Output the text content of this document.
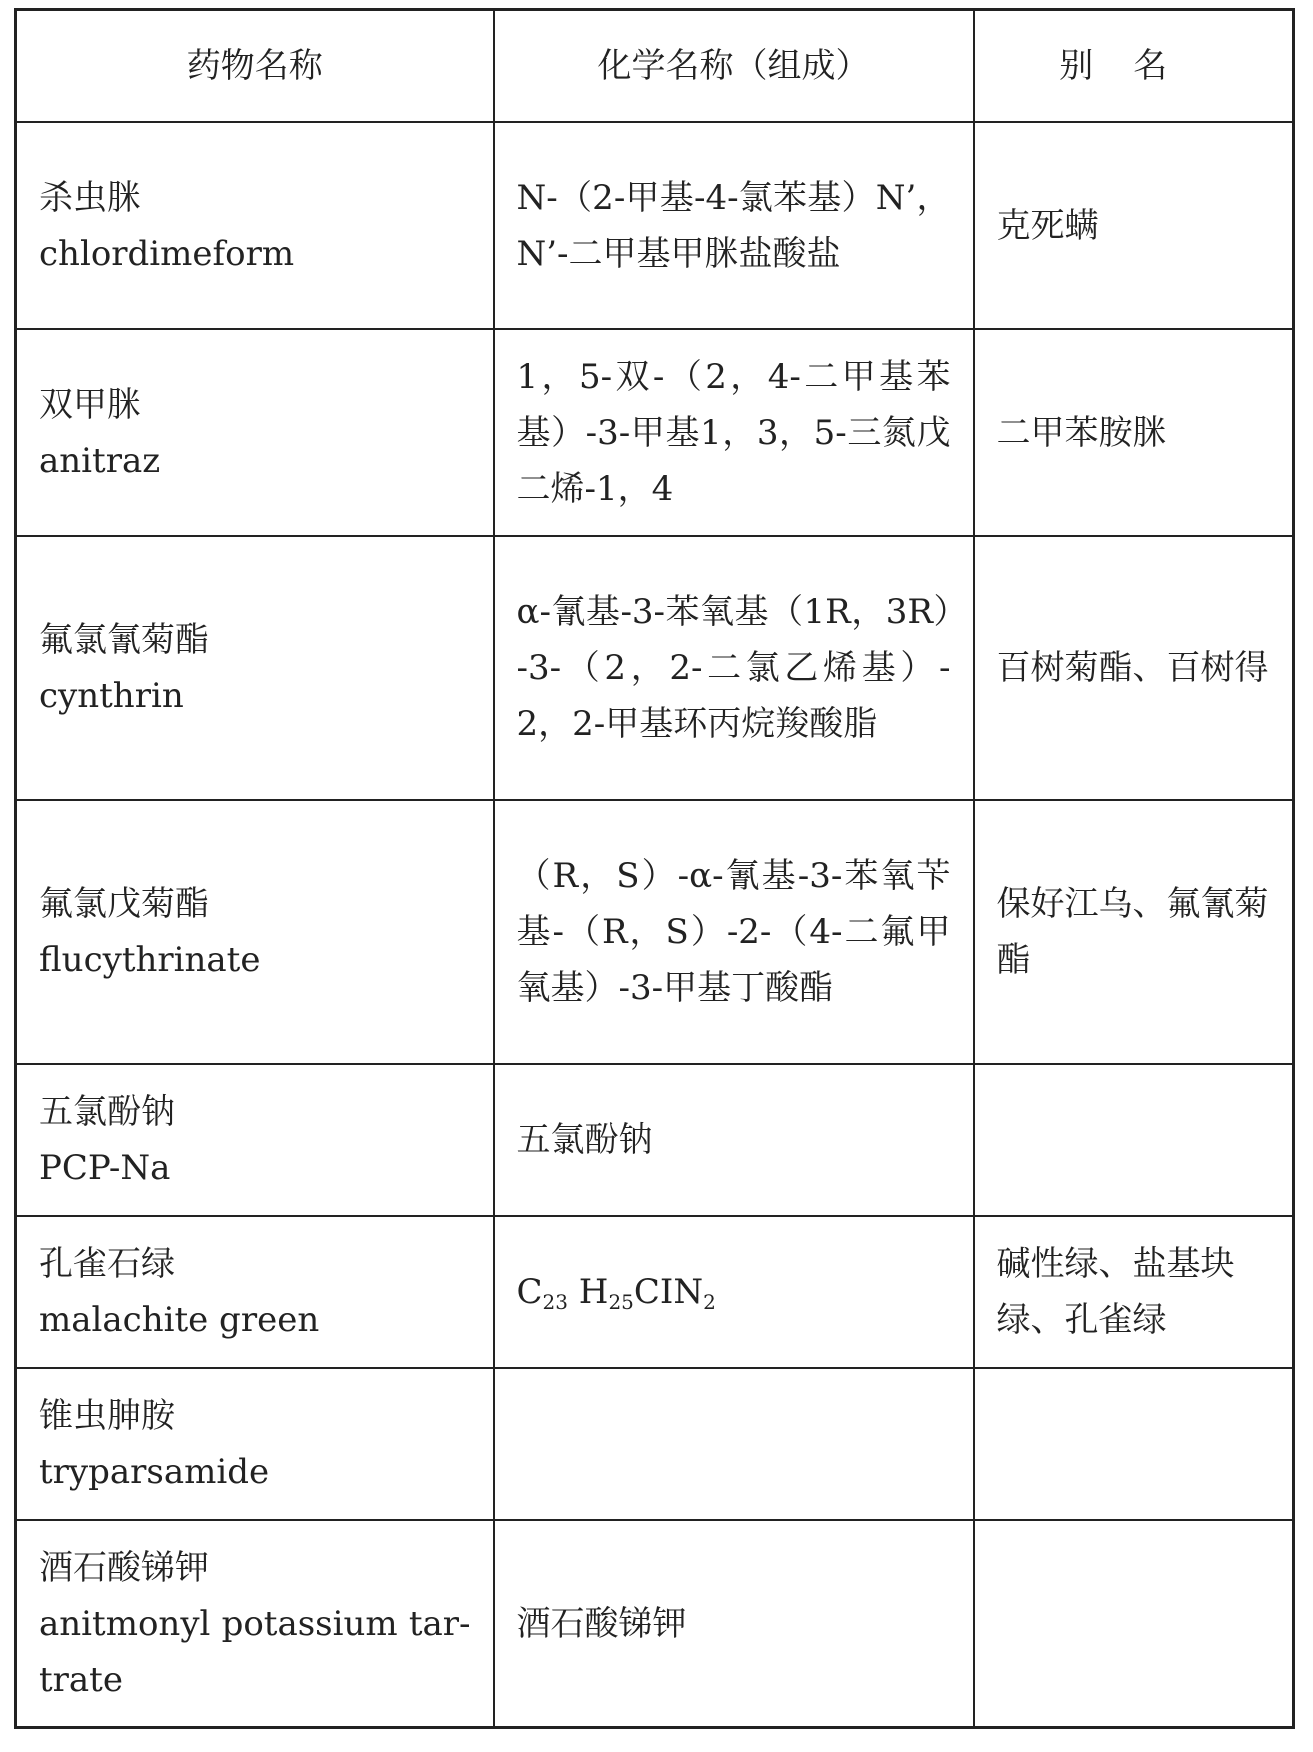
药物名称	化学名称（组成）	别名

杀虫脒
chlordimeform	N-（2-甲基-4-氯苯基）N’，N’-二甲基甲脒盐酸盐	克死螨

双甲脒
anitraz	1，5-双-（2，4-二甲基苯基）-3-甲基1，3，5-三氮戊二烯-1，4	二甲苯胺脒

氟氯氰菊酯
cynthrin	α-氰基-3-苯氧基（1R，3R）-3-（2，2-二氯乙烯基）-2，2-甲基环丙烷羧酸脂	百树菊酯、百树得

氟氯戊菊酯
flucythrinate	（R，S）-α-氰基-3-苯氧苄基-（R，S）-2-（4-二氟甲氧基）-3-甲基丁酸酯	保好江乌、氟氰菊酯

五氯酚钠
PCP-Na	五氯酚钠	

孔雀石绿
malachite green	$C_{23}$ $H_{25}CIN_2$	碱性绿、盐基块绿、孔雀绿

锥虫胂胺
tryparsamide		

酒石酸锑钾
anitmonyl potassium tar-trate	酒石酸锑钾	
